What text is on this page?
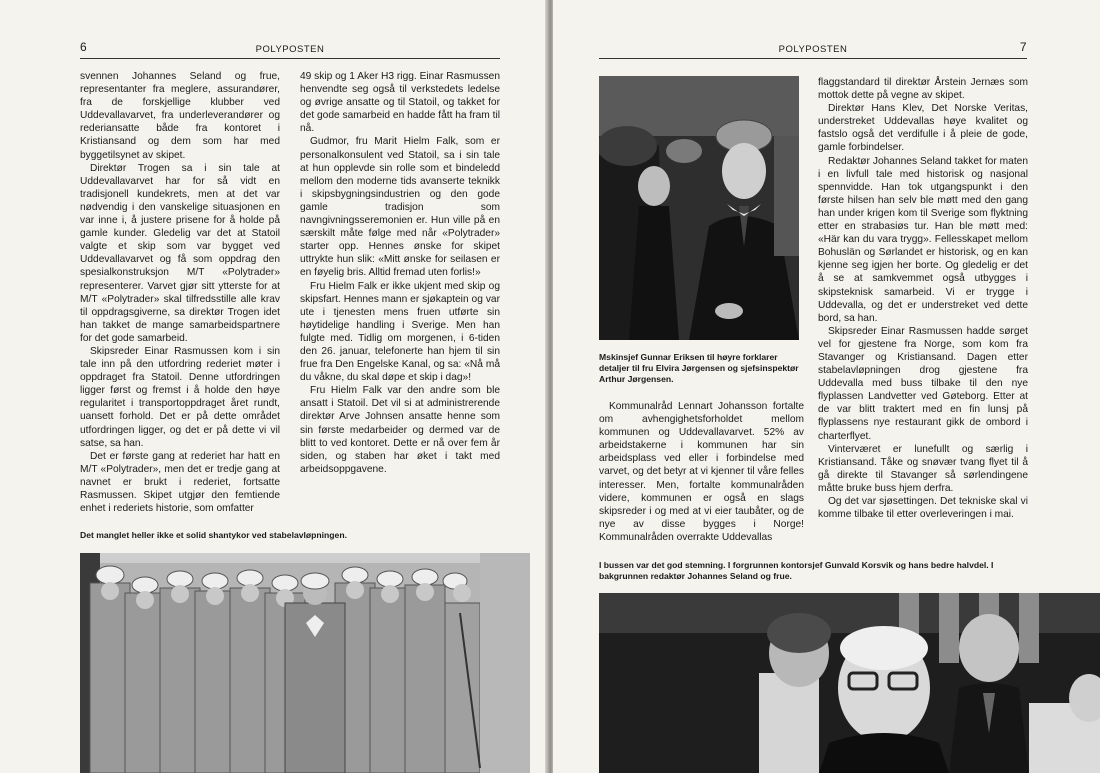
6	POLYPOSTEN

svennen Johannes Seland og frue, representanter fra meglere, assurandører, fra de forskjellige klubber ved Uddevallavarvet, fra underleverandører og rederiansatte både fra kontoret i Kristiansand og dem som har med byggetilsynet av skipet.

Direktør Trogen sa i sin tale at Uddevallavarvet har for så vidt en tradisjonell kundekrets, men at det var nødvendig i den vanskelige situasjonen en var inne i, å justere prisene for å holde på gamle kunder. Gledelig var det at Statoil valgte et skip som var bygget ved Uddevallavarvet og få som oppdrag den spesialkonstruksjon M/T «Polytrader» representerer. Varvet gjør sitt ytterste for at M/T «Polytrader» skal tilfredsstille alle krav til oppdragsgiverne, sa direktør Trogen idet han takket de mange samarbeidspartnere for det gode samarbeid.

Skipsreder Einar Rasmussen kom i sin tale inn på den utfordring rederiet møter i oppdraget fra Statoil. Denne utfordringen ligger først og fremst i å holde den høye regularitet i transportoppdraget året rundt, uansett forhold. Det er på dette området utfordringen ligger, og det er på dette vi vil satse, sa han.

Det er første gang at rederiet har hatt en M/T «Polytrader», men det er tredje gang at navnet er brukt i rederiet, fortsatte Rasmussen. Skipet utgjør den femtiende enhet i rederiets historie, som omfatter

49 skip og 1 Aker H3 rigg. Einar Rasmussen henvendte seg også til verkstedets ledelse og øvrige ansatte og til Statoil, og takket for det gode samarbeid en hadde fått ha fram til nå.

Gudmor, fru Marit Hielm Falk, som er personalkonsulent ved Statoil, sa i sin tale at hun opplevde sin rolle som et bindeledd mellom den moderne tids avanserte teknikk i skipsbygningsindustrien og den gode gamle tradisjon som navngivningsseremonien er. Hun ville på en særskilt måte følge med når «Polytrader» starter opp. Hennes ønske for skipet uttrykte hun slik: «Mitt ønske for seilasen er en føyelig bris. Alltid fremad uten forlis!»

Fru Hielm Falk er ikke ukjent med skip og skipsfart. Hennes mann er sjøkaptein og var ute i tjenesten mens fruen utførte sin høytidelige handling i Sverige. Men han fulgte med. Tidlig om morgenen, i 6-tiden den 26. januar, telefonerte han hjem til sin frue fra Den Engelske Kanal, og sa: «Nå må du våkne, du skal døpe et skip i dag»!

Fru Hielm Falk var den andre som ble ansatt i Statoil. Det vil si at administrerende direktør Arve Johnsen ansatte henne som sin første medarbeider og dermed var de blitt to ved kontoret. Dette er nå over fem år siden, og staben har øket i takt med arbeidsoppgavene.

Det manglet heller ikke et solid shantykor ved stabelavløpningen.
POLYPOSTEN	7
Mskinsjef Gunnar Eriksen til høyre forklarer detaljer til fru Elvira Jørgensen og sjefsinspektør Arthur Jørgensen.

Kommunalråd Lennart Johansson fortalte om avhengighetsforholdet mellom kommunen og Uddevallavarvet. 52% av arbeidstakerne i kommunen har sin arbeidsplass ved eller i forbindelse med varvet, og det betyr at vi kjenner til våre felles interesser. Men, fortalte kommunalråden videre, kommunen er også en slags skipsreder i og med at vi eier taubåter, og de nye av disse bygges i Norge! Kommunalråden overrakte Uddevallas

flaggstandard til direktør Årstein Jernæs som mottok dette på vegne av skipet.

Direktør Hans Klev, Det Norske Veritas, understreket Uddevallas høye kvalitet og fastslo også det verdifulle i å pleie de gode, gamle forbindelser.

Redaktør Johannes Seland takket for maten i en livfull tale med historisk og nasjonal spennvidde. Han tok utgangspunkt i den første hilsen han selv ble møtt med den gang han under krigen kom til Sverige som flyktning etter en strabasiøs tur. Han ble møtt med: «Här kan du vara trygg». Fellesskapet mellom Bohuslän og Sørlandet er historisk, og en kan kjenne seg igjen her borte. Og gledelig er det å se at samkvemmet også utbygges i skipsteknisk samarbeid. Vi er trygge i Uddevalla, og det er understreket ved dette bord, sa han.

Skipsreder Einar Rasmussen hadde sørget vel for gjestene fra Norge, som kom fra Stavanger og Kristiansand. Dagen etter stabelavløpningen drog gjestene fra Uddevalla med buss tilbake til den nye flyplassen Landvetter ved Gøteborg. Etter at de var blitt traktert med en fin lunsj på flyplassens nye restaurant gikk de ombord i charterflyet.

Vinterværet er lunefullt og særlig i Kristiansand. Tåke og snøvær tvang flyet til å gå direkte til Stavanger så sørlendingene måtte bruke buss hjem derfra.

Og det var sjøsettingen. Det tekniske skal vi komme tilbake til etter overleveringen i mai.

I bussen var det god stemning. I forgrunnen kontorsjef Gunvald Korsvik og hans bedre halvdel. I bakgrunnen redaktør Johannes Seland og frue.
